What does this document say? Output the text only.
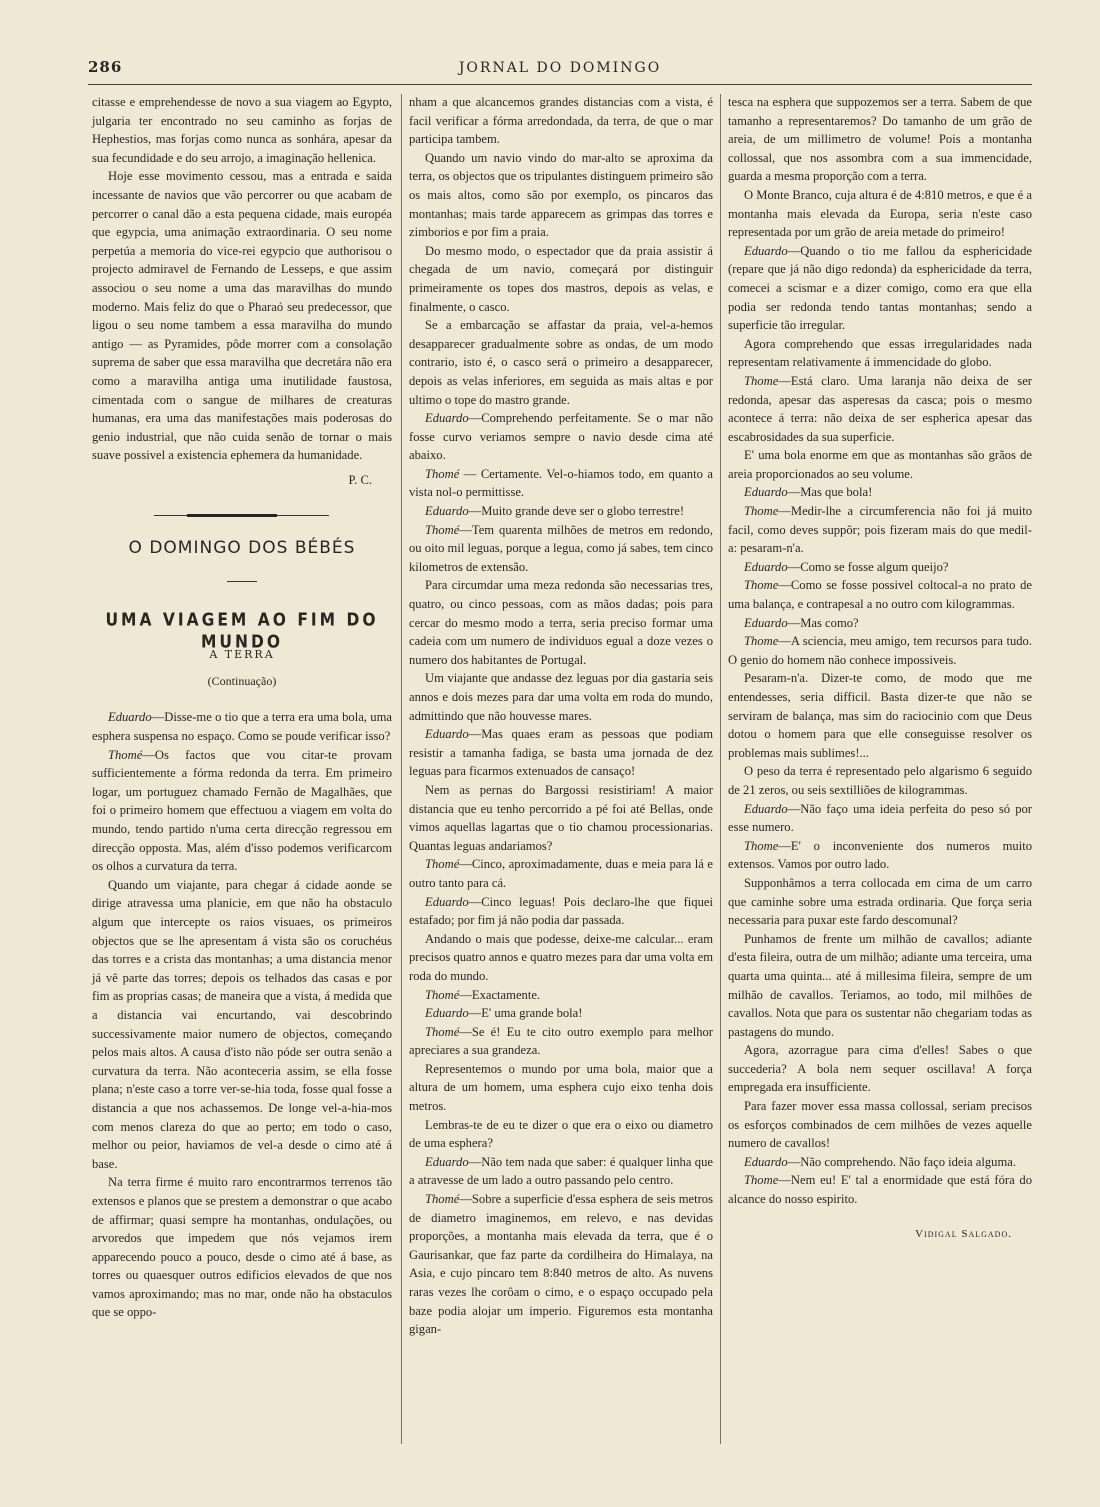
286	JORNAL DO DOMINGO

citasse e emprehendesse de novo a sua viagem ao Egypto, julgaria ter encontrado no seu caminho as forjas de Hephestios, mas forjas como nunca as sonhára, apesar da sua fecundidade e do seu arrojo, a imaginação hellenica.

Hoje esse movimento cessou, mas a entrada e saida incessante de navios que vão percorrer ou que acabam de percorrer o canal dão a esta pequena cidade, mais européa que egypcia, uma animação extraordinaria. O seu nome perpetúa a memoria do vice-rei egypcio que authorisou o projecto admiravel de Fernando de Lesseps, e que assim associou o seu nome a uma das maravilhas do mundo moderno. Mais feliz do que o Pharaó seu predecessor, que ligou o seu nome tambem a essa maravilha do mundo antigo — as Pyramides, pôde morrer com a consolação suprema de saber que essa maravilha que decretára não era como a maravilha antiga uma inutilidade faustosa, cimentada com o sangue de milhares de creaturas humanas, era uma das manifestações mais poderosas do genio industrial, que não cuida senão de tornar o mais suave possivel a existencia ephemera da humanidade.

P. C.
O DOMINGO DOS BÉBÉS
UMA VIAGEM AO FIM DO MUNDO
A TERRA
(Continuação)

Eduardo—Disse-me o tio que a terra era uma bola, uma esphera suspensa no espaço. Como se poude verificar isso?

Thomé—Os factos que vou citar-te provam sufficientemente a fórma redonda da terra. Em primeiro logar, um portuguez chamado Fernão de Magalhães, que foi o primeiro homem que effectuou a viagem em volta do mundo, tendo partido n'uma certa direcção regressou em direcção opposta. Mas, além d'isso podemos verificarcom os olhos a curvatura da terra.

Quando um viajante, para chegar á cidade aonde se dirige atravessa uma planicie, em que não ha obstaculo algum que intercepte os raios visuaes, os primeiros objectos que se lhe apresentam á vista são os coruchéus das torres e a crista das montanhas; a uma distancia menor já vê parte das torres; depois os telhados das casas e por fim as proprias casas; de maneira que a vista, á medida que a distancia vai encurtando, vai descobrindo successivamente maior numero de objectos, começando pelos mais altos. A causa d'isto não póde ser outra senão a curvatura da terra. Não aconteceria assim, se ella fosse plana; n'este caso a torre ver-se-hia toda, fosse qual fosse a distancia a que nos achassemos. De longe vel-a-hia-mos com menos clareza do que ao perto; em todo o caso, melhor ou peior, haviamos de vel-a desde o cimo até á base.

Na terra firme é muito raro encontrarmos terrenos tão extensos e planos que se prestem a demonstrar o que acabo de affirmar; quasi sempre ha montanhas, ondulações, ou arvoredos que impedem que nós vejamos irem apparecendo pouco a pouco, desde o cimo até á base, as torres ou quaesquer outros edificios elevados de que nos vamos aproximando; mas no mar, onde não ha obstaculos que se oppo-

nham a que alcancemos grandes distancias com a vista, é facil verificar a fórma arredondada, da terra, de que o mar participa tambem.

Quando um navio vindo do mar-alto se aproxima da terra, os objectos que os tripulantes distinguem primeiro são os mais altos, como são por exemplo, os pincaros das montanhas; mais tarde apparecem as grimpas das torres e zimborios e por fim a praia.

Do mesmo modo, o espectador que da praia assistir á chegada de um navio, começará por distinguir primeiramente os topes dos mastros, depois as velas, e finalmente, o casco.

Se a embarcação se affastar da praia, vel-a-hemos desapparecer gradualmente sobre as ondas, de um modo contrario, isto é, o casco será o primeiro a desapparecer, depois as velas inferiores, em seguida as mais altas e por ultimo o tope do mastro grande.

Eduardo—Comprehendo perfeitamente. Se o mar não fosse curvo veriamos sempre o navio desde cima até abaixo.

Thomé — Certamente. Vel-o-hiamos todo, em quanto a vista nol-o permittisse.

Eduardo—Muito grande deve ser o globo terrestre!

Thomé—Tem quarenta milhões de metros em redondo, ou oito mil leguas, porque a legua, como já sabes, tem cinco kilometros de extensão.

Para circumdar uma meza redonda são necessarias tres, quatro, ou cinco pessoas, com as mãos dadas; pois para cercar do mesmo modo a terra, seria preciso formar uma cadeia com um numero de individuos egual a doze vezes o numero dos habitantes de Portugal.

Um viajante que andasse dez leguas por dia gastaria seis annos e dois mezes para dar uma volta em roda do mundo, admittindo que não houvesse mares.

Eduardo—Mas quaes eram as pessoas que podiam resistir a tamanha fadiga, se basta uma jornada de dez leguas para ficarmos extenuados de cansaço!

Nem as pernas do Bargossi resistiriam! A maior distancia que eu tenho percorrido a pé foi até Bellas, onde vimos aquellas lagartas que o tio chamou processionarias. Quantas leguas andariamos?

Thomé—Cinco, aproximadamente, duas e meia para lá e outro tanto para cá.

Eduardo—Cinco leguas! Pois declaro-lhe que fiquei estafado; por fim já não podia dar passada.

Andando o mais que podesse, deixe-me calcular... eram precisos quatro annos e quatro mezes para dar uma volta em roda do mundo.

Thomé—Exactamente.

Eduardo—E' uma grande bola!

Thomé—Se é! Eu te cito outro exemplo para melhor apreciares a sua grandeza.

Representemos o mundo por uma bola, maior que a altura de um homem, uma esphera cujo eixo tenha dois metros.

Lembras-te de eu te dizer o que era o eixo ou diametro de uma esphera?

Eduardo—Não tem nada que saber: é qualquer linha que a atravesse de um lado a outro passando pelo centro.

Thomé—Sobre a superficie d'essa esphera de seis metros de diametro imaginemos, em relevo, e nas devidas proporções, a montanha mais elevada da terra, que é o Gaurisankar, que faz parte da cordilheira do Himalaya, na Asia, e cujo pincaro tem 8:840 metros de alto. As nuvens raras vezes lhe corôam o cimo, e o espaço occupado pela baze podia alojar um imperio. Figuremos esta montanha gigan-

tesca na esphera que suppozemos ser a terra. Sabem de que tamanho a representaremos? Do tamanho de um grão de areia, de um millimetro de volume! Pois a montanha collossal, que nos assombra com a sua immencidade, guarda a mesma proporção com a terra.

O Monte Branco, cuja altura é de 4:810 metros, e que é a montanha mais elevada da Europa, seria n'este caso representada por um grão de areia metade do primeiro!

Eduardo—Quando o tio me fallou da esphericidade (repare que já não digo redonda) da esphericidade da terra, comecei a scismar e a dizer comigo, como era que ella podia ser redonda tendo tantas montanhas; sendo a superficie tão irregular.

Agora comprehendo que essas irregularidades nada representam relativamente á immencidade do globo.

Thome—Está claro. Uma laranja não deixa de ser redonda, apesar das asperesas da casca; pois o mesmo acontece á terra: não deixa de ser espherica apesar das escabrosidades da sua superficie.

E' uma bola enorme em que as montanhas são grãos de areia proporcionados ao seu volume.

Eduardo—Mas que bola!

Thome—Medir-lhe a circumferencia não foi já muito facil, como deves suppôr; pois fizeram mais do que medil-a: pesaram-n'a.

Eduardo—Como se fosse algum queijo?

Thome—Como se fosse possivel coltocal-a no prato de uma balança, e contrapesal a no outro com kilogrammas.

Eduardo—Mas como?

Thome—A sciencia, meu amigo, tem recursos para tudo. O genio do homem não conhece impossiveis.

Pesaram-n'a. Dizer-te como, de modo que me entendesses, seria difficil. Basta dizer-te que não se serviram de balança, mas sim do raciocinio com que Deus dotou o homem para que elle conseguisse resolver os problemas mais sublimes!...

O peso da terra é representado pelo algarismo 6 seguido de 21 zeros, ou seis sextilliões de kilogrammas.

Eduardo—Não faço uma ideia perfeita do peso só por esse numero.

Thome—E' o inconveniente dos numeros muito extensos. Vamos por outro lado.

Supponhâmos a terra collocada em cima de um carro que caminhe sobre uma estrada ordinaria. Que força seria necessaria para puxar este fardo descomunal?

Punhamos de frente um milhão de cavallos; adiante d'esta fileira, outra de um milhão; adiante uma terceira, uma quarta uma quinta... até á millesima fileira, sempre de um milhão de cavallos. Teriamos, ao todo, mil milhões de cavallos. Nota que para os sustentar não chegariam todas as pastagens do mundo.

Agora, azorrague para cima d'elles! Sabes o que succederia? A bola nem sequer oscillava! A força empregada era insufficiente.

Para fazer mover essa massa collossal, seriam precisos os esforços combinados de cem milhões de vezes aquelle numero de cavallos!

Eduardo—Não comprehendo. Não faço ideia alguma.

Thome—Nem eu! E' tal a enormidade que está fóra do alcance do nosso espirito.

Vidigal Salgado.
